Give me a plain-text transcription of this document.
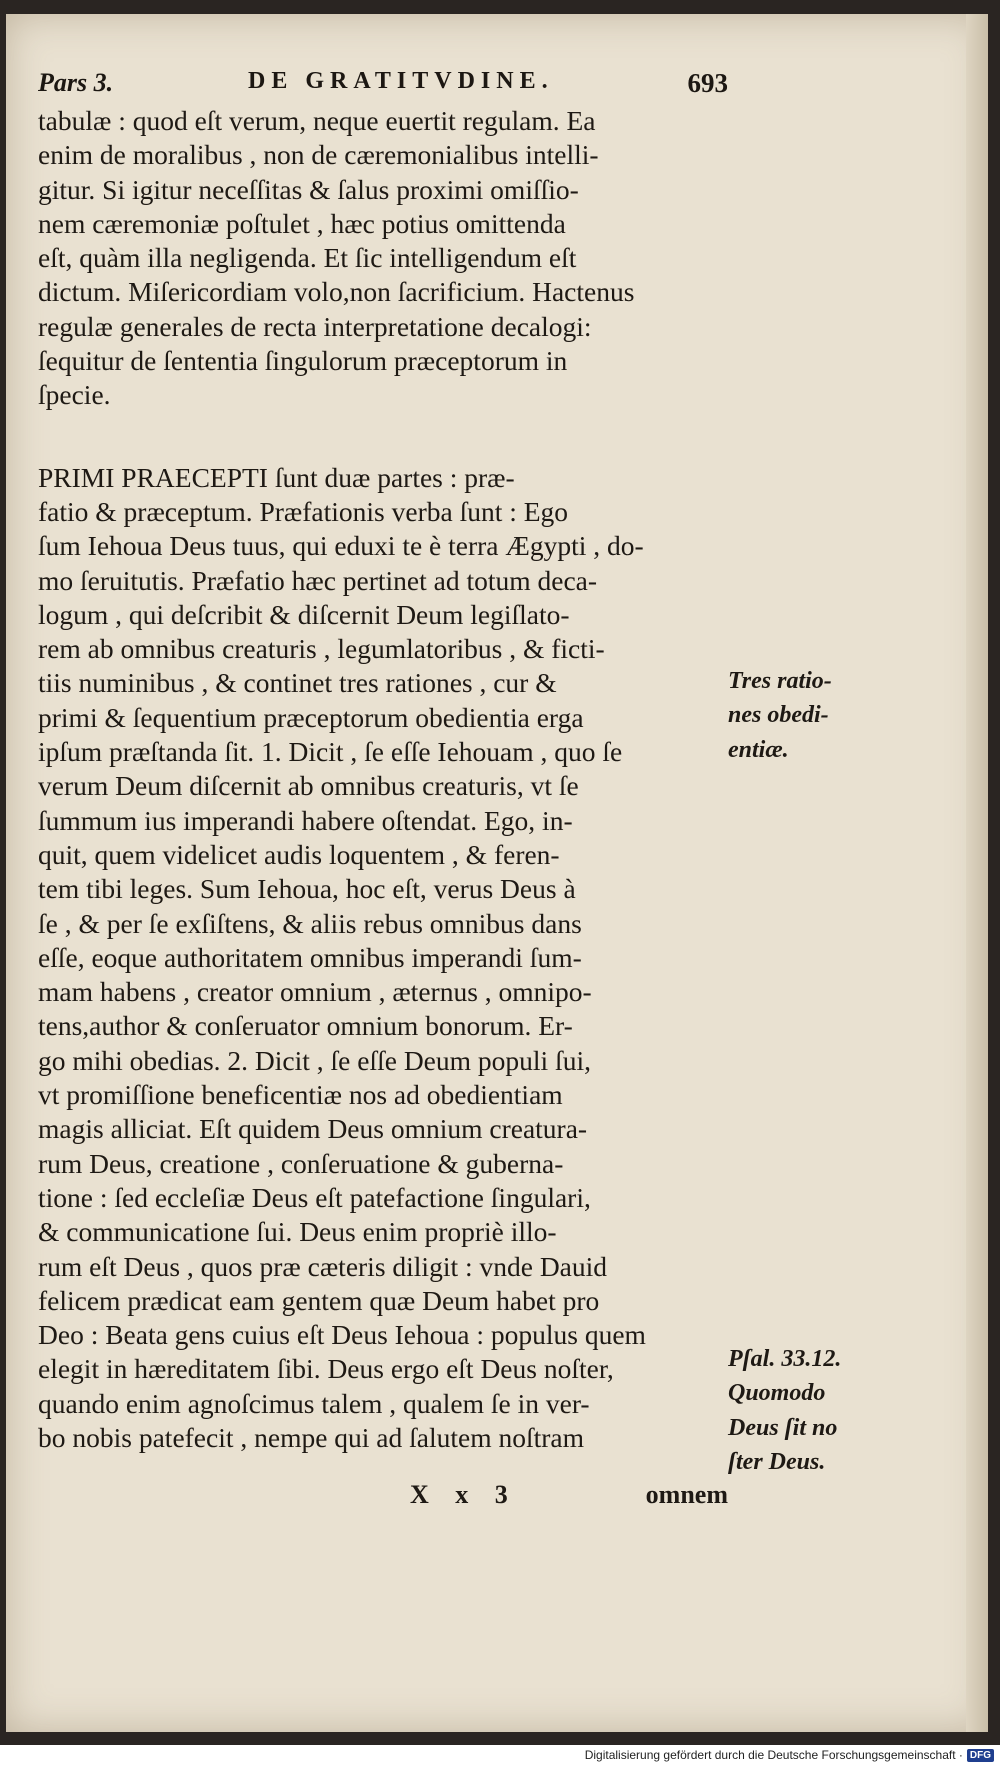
Pars 3.	DE GRATITVDINE.	693
tabulæ : quod eſt verum, neque euertit regulam. Ea
enim de moralibus , non de cæremonialibus intelli-
gitur. Si igitur neceſſitas & ſalus proximi omiſſio-
nem cæremoniæ poſtulet , hæc potius omittenda
eſt, quàm illa negligenda. Et ſic intelligendum eſt
dictum. Miſericordiam volo,non ſacrificium. Hactenus
regulæ generales de recta interpretatione decalogi:
ſequitur de ſententia ſingulorum præceptorum in
ſpecie.
PRIMI PRAECEPTI ſunt duæ partes : præ-
fatio & præceptum. Præfationis verba ſunt : Ego
ſum Iehoua Deus tuus, qui eduxi te è terra Ægypti , do-
mo ſeruitutis. Præfatio hæc pertinet ad totum deca-
logum , qui deſcribit & diſcernit Deum legiſlato-
rem ab omnibus creaturis , legumlatoribus , & ficti-
tiis numinibus , & continet tres rationes , cur &
primi & ſequentium præceptorum obedientia erga
ipſum præſtanda ſit. 1. Dicit , ſe eſſe Iehouam , quo ſe
verum Deum diſcernit ab omnibus creaturis, vt ſe
ſummum ius imperandi habere oſtendat. Ego, in-
quit, quem videlicet audis loquentem , & feren-
tem tibi leges. Sum Iehoua, hoc eſt, verus Deus à
ſe , & per ſe exſiſtens, & aliis rebus omnibus dans
eſſe, eoque authoritatem omnibus imperandi ſum-
mam habens , creator omnium , æternus , omnipo-
tens,author & conſeruator omnium bonorum. Er-
go mihi obedias. 2. Dicit , ſe eſſe Deum populi ſui,
vt promiſſione beneficentiæ nos ad obedientiam
magis alliciat. Eſt quidem Deus omnium creatura-
rum Deus, creatione , conſeruatione & guberna-
tione : ſed eccleſiæ Deus eſt patefactione ſingulari,
& communicatione ſui. Deus enim propriè illo-
rum eſt Deus , quos præ cæteris diligit : vnde Dauid
felicem prædicat eam gentem quæ Deum habet pro
Deo : Beata gens cuius eſt Deus Iehoua : populus quem
elegit in hæreditatem ſibi. Deus ergo eſt Deus noſter,
quando enim agnoſcimus talem , qualem ſe in ver-
bo nobis patefecit , nempe qui ad ſalutem noſtram
Tres ratio-
nes obedi-
entiæ.
Pſal. 33.12.
Quomodo
Deus ſit no
ſter Deus.
X x 3	omnem
Digitalisierung gefördert durch die Deutsche Forschungsgemeinschaft · DFG
